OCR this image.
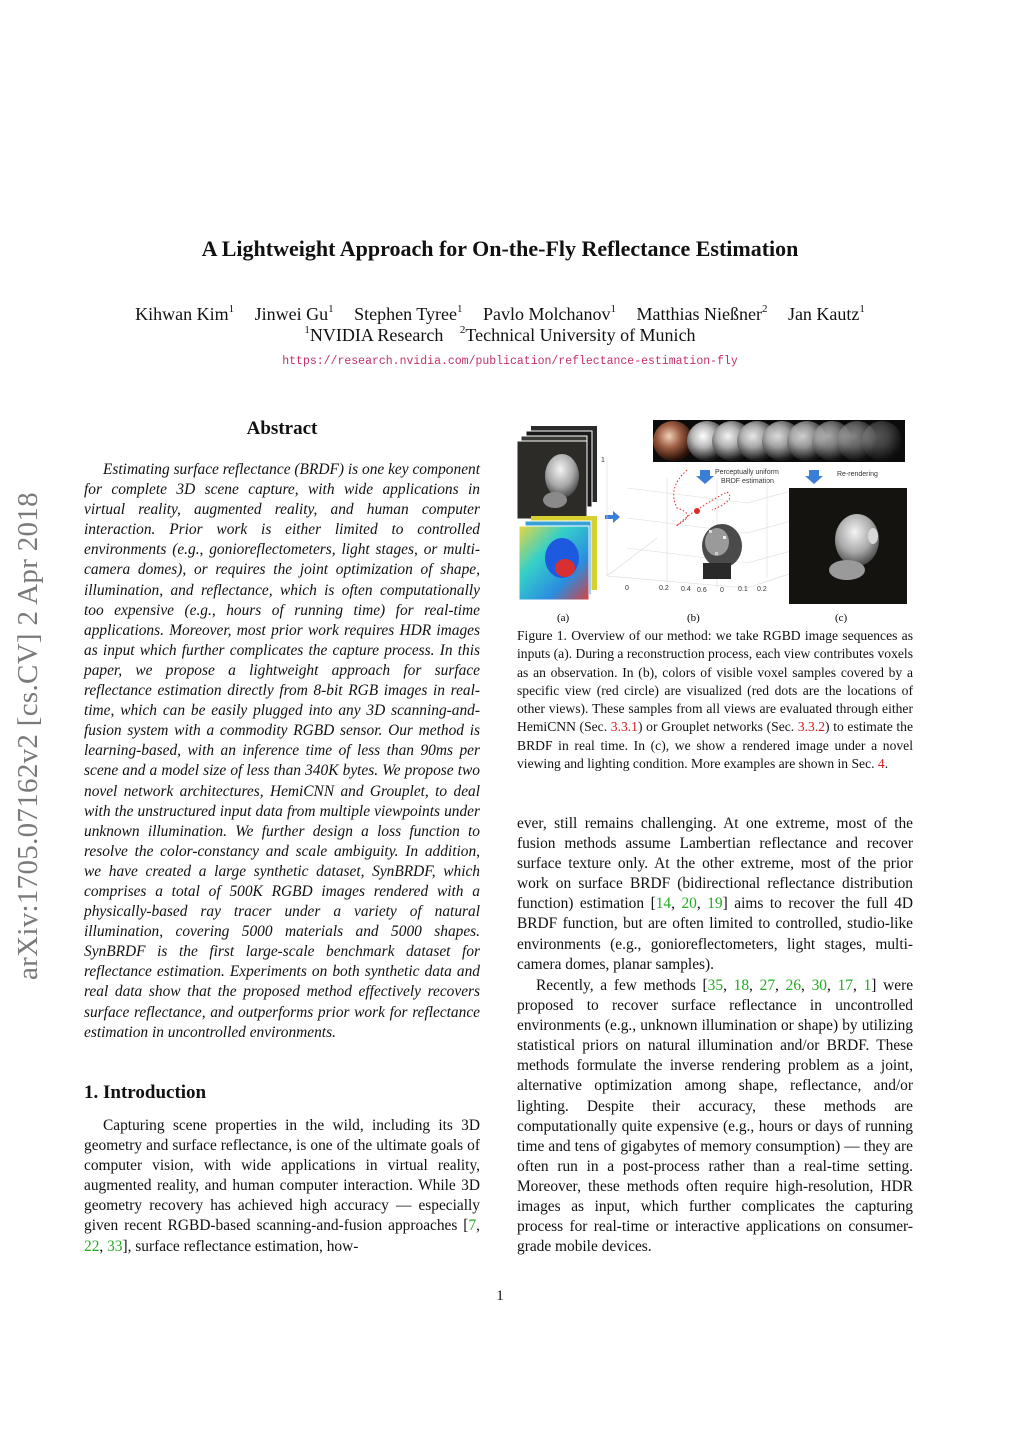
A Lightweight Approach for On-the-Fly Reflectance Estimation
Kihwan Kim$^1$ Jinwei Gu$^1$ Stephen Tyree$^1$ Pavlo Molchanov$^1$ Matthias Nießner$^2$ Jan Kautz$^1$
$^1$NVIDIA Research $^2$Technical University of Munich
https://research.nvidia.com/publication/reflectance-estimation-fly
arXiv:1705.07162v2 [cs.CV] 2 Apr 2018
Abstract
Estimating surface reflectance (BRDF) is one key component for complete 3D scene capture, with wide applications in virtual reality, augmented reality, and human computer interaction. Prior work is either limited to controlled environments (e.g., gonioreflectometers, light stages, or multi-camera domes), or requires the joint optimization of shape, illumination, and reflectance, which is often computationally too expensive (e.g., hours of running time) for real-time applications. Moreover, most prior work requires HDR images as input which further complicates the capture process. In this paper, we propose a lightweight approach for surface reflectance estimation directly from 8-bit RGB images in real-time, which can be easily plugged into any 3D scanning-and-fusion system with a commodity RGBD sensor. Our method is learning-based, with an inference time of less than 90ms per scene and a model size of less than 340K bytes. We propose two novel network architectures, HemiCNN and Grouplet, to deal with the unstructured input data from multiple viewpoints under unknown illumination. We further design a loss function to resolve the color-constancy and scale ambiguity. In addition, we have created a large synthetic dataset, SynBRDF, which comprises a total of 500K RGBD images rendered with a physically-based ray tracer under a variety of natural illumination, covering 5000 materials and 5000 shapes. SynBRDF is the first large-scale benchmark dataset for reflectance estimation. Experiments on both synthetic data and real data show that the proposed method effectively recovers surface reflectance, and outperforms prior work for reflectance estimation in uncontrolled environments.
1. Introduction
Capturing scene properties in the wild, including its 3D geometry and surface reflectance, is one of the ultimate goals of computer vision, with wide applications in virtual reality, augmented reality, and human computer interaction. While 3D geometry recovery has achieved high accuracy — especially given recent RGBD-based scanning-and-fusion approaches [7, 22, 33], surface reflectance estimation, how-
Perceptually uniform
BRDF estimation
Re-rendering
1
0	0.2 0.4 0.6 0 0.1 0.2
(a)	(b)	(c)
Figure 1. Overview of our method: we take RGBD image sequences as inputs (a). During a reconstruction process, each view contributes voxels as an observation. In (b), colors of visible voxel samples covered by a specific view (red circle) are visualized (red dots are the locations of other views). These samples from all views are evaluated through either HemiCNN (Sec. 3.3.1) or Grouplet networks (Sec. 3.3.2) to estimate the BRDF in real time. In (c), we show a rendered image under a novel viewing and lighting condition. More examples are shown in Sec. 4.
ever, still remains challenging. At one extreme, most of the fusion methods assume Lambertian reflectance and recover surface texture only. At the other extreme, most of the prior work on surface BRDF (bidirectional reflectance distribution function) estimation [14, 20, 19] aims to recover the full 4D BRDF function, but are often limited to controlled, studio-like environments (e.g., gonioreflectometers, light stages, multi-camera domes, planar samples).
Recently, a few methods [35, 18, 27, 26, 30, 17, 1] were proposed to recover surface reflectance in uncontrolled environments (e.g., unknown illumination or shape) by utilizing statistical priors on natural illumination and/or BRDF. These methods formulate the inverse rendering problem as a joint, alternative optimization among shape, reflectance, and/or lighting. Despite their accuracy, these methods are computationally quite expensive (e.g., hours or days of running time and tens of gigabytes of memory consumption) — they are often run in a post-process rather than a real-time setting. Moreover, these methods often require high-resolution, HDR images as input, which further complicates the capturing process for real-time or interactive applications on consumer-grade mobile devices.
1
